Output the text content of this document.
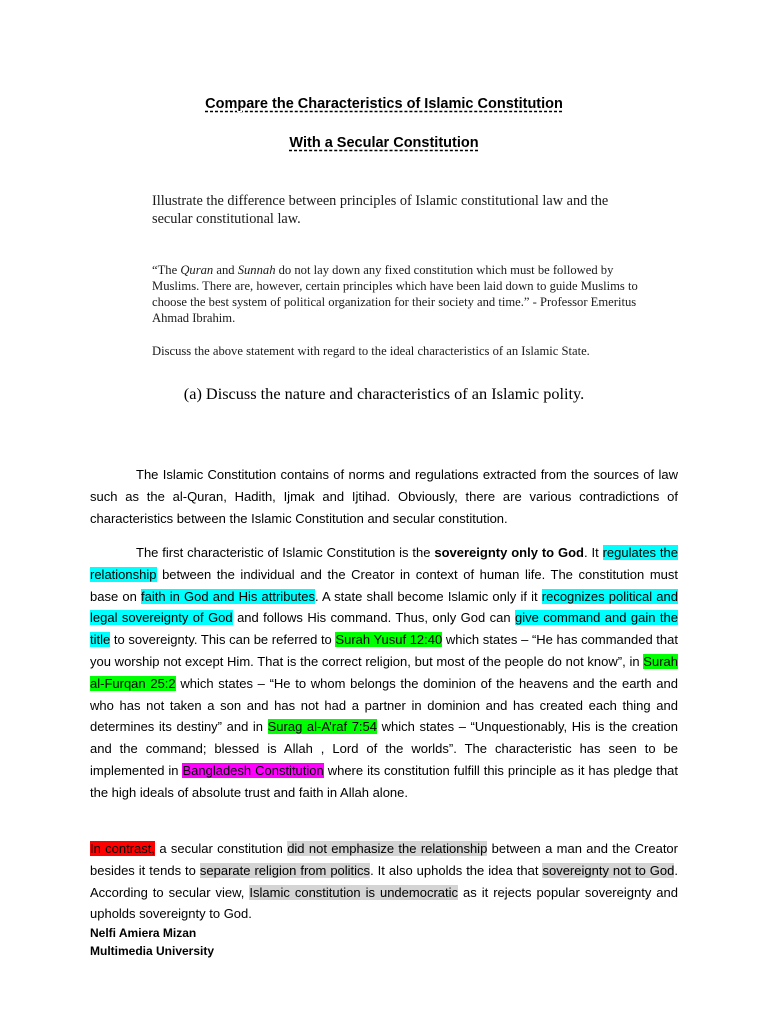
Compare the Characteristics of Islamic Constitution
With a Secular Constitution

Illustrate the difference between principles of Islamic constitutional law and the secular constitutional law.

“The Quran and Sunnah do not lay down any fixed constitution which must be followed by Muslims. There are, however, certain principles which have been laid down to guide Muslims to choose the best system of political organization for their society and time.” - Professor Emeritus Ahmad Ibrahim.

Discuss the above statement with regard to the ideal characteristics of an Islamic State.

(a) Discuss the nature and characteristics of an Islamic polity.

The Islamic Constitution contains of norms and regulations extracted from the sources of law such as the al-Quran, Hadith, Ijmak and Ijtihad. Obviously, there are various contradictions of characteristics between the Islamic Constitution and secular constitution.

The first characteristic of Islamic Constitution is the sovereignty only to God. It regulates the relationship between the individual and the Creator in context of human life. The constitution must base on faith in God and His attributes. A state shall become Islamic only if it recognizes political and legal sovereignty of God and follows His command. Thus, only God can give command and gain the title to sovereignty. This can be referred to Surah Yusuf 12:40 which states – “He has commanded that you worship not except Him. That is the correct religion, but most of the people do not know”, in Surah al-Furqan 25:2 which states – “He to whom belongs the dominion of the heavens and the earth and who has not taken a son and has not had a partner in dominion and has created each thing and determines its destiny” and in Surag al-A’raf 7:54 which states – “Unquestionably, His is the creation and the command; blessed is Allah , Lord of the worlds”. The characteristic has seen to be implemented in Bangladesh Constitution where its constitution fulfill this principle as it has pledge that the high ideals of absolute trust and faith in Allah alone.

In contrast, a secular constitution did not emphasize the relationship between a man and the Creator besides it tends to separate religion from politics. It also upholds the idea that sovereignty not to God. According to secular view, Islamic constitution is undemocratic as it rejects popular sovereignty and upholds sovereignty to God.

Nelfi Amiera Mizan
Multimedia University
